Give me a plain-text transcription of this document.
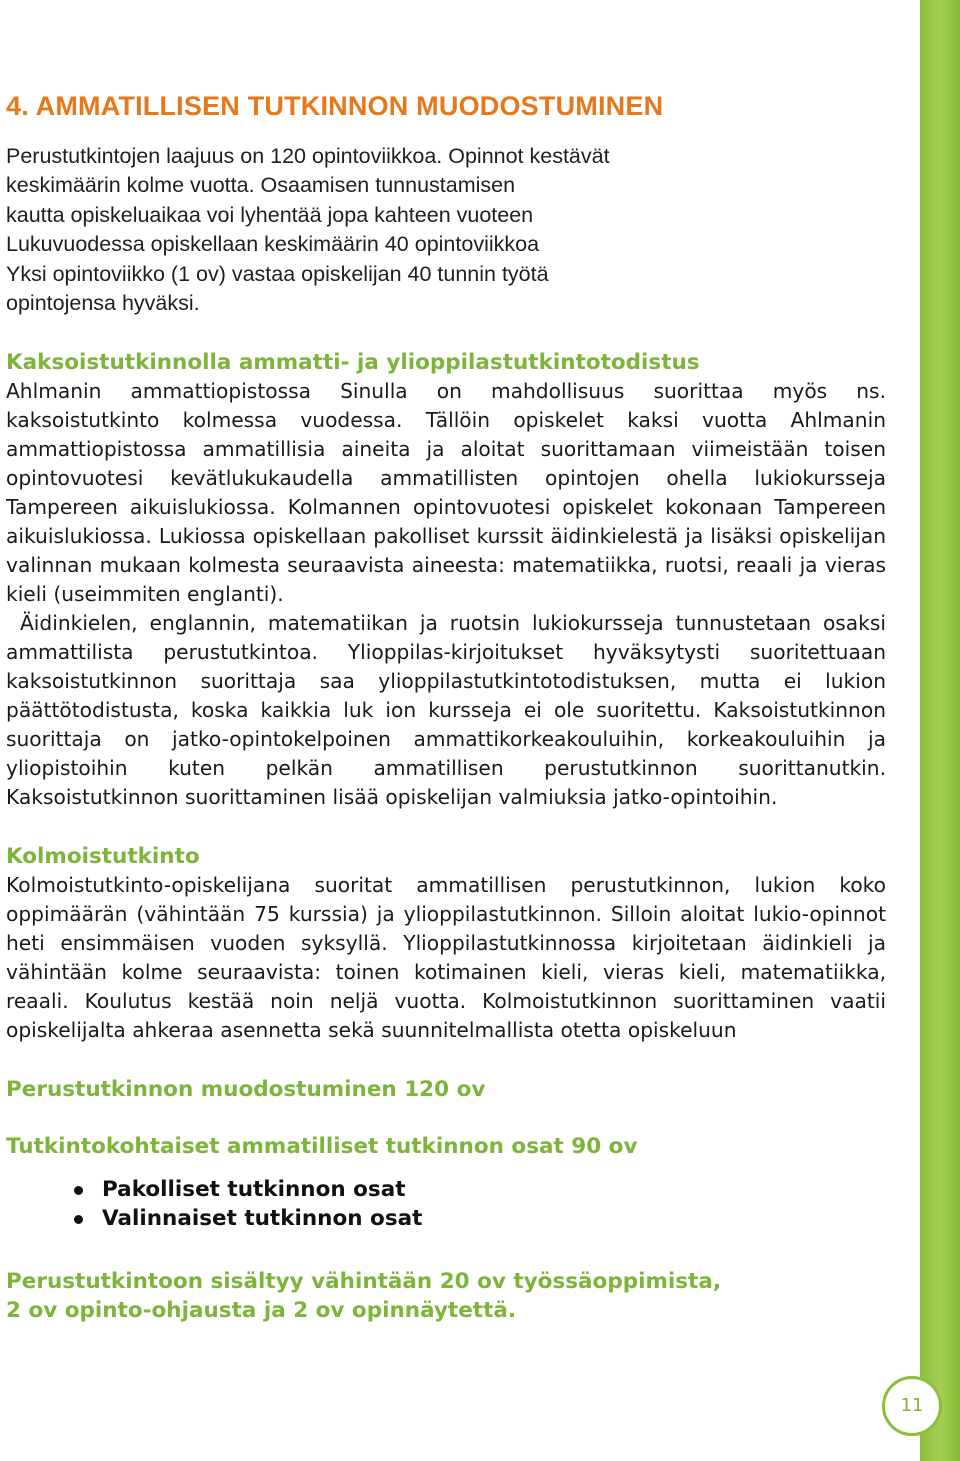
4. AMMATILLISEN TUTKINNON MUODOSTUMINEN

Perustutkintojen laajuus on 120 opintoviikkoa. Opinnot kestävät

keskimäärin kolme vuotta. Osaamisen tunnustamisen

kautta opiskeluaikaa voi lyhentää jopa kahteen vuoteen

Lukuvuodessa opiskellaan keskimäärin 40 opintoviikkoa

Yksi opintoviikko (1 ov) vastaa opiskelijan 40 tunnin työtä

opintojensa hyväksi.

Kaksoistutkinnolla ammatti- ja ylioppilastutkintotodistus

Ahlmanin ammattiopistossa Sinulla on mahdollisuus suorittaa myös ns. kaksoistutkinto kolmessa vuodessa. Tällöin opiskelet kaksi vuotta Ahlmanin ammattiopistossa ammatillisia aineita ja aloitat suorittamaan viimeistään toisen opintovuotesi kevätlukukaudella ammatillisten opintojen ohella lukiokursseja Tampereen aikuislukiossa. Kolmannen opintovuotesi opiskelet kokonaan Tampereen aikuislukiossa. Lukiossa opiskellaan pakolliset kurssit äidinkielestä ja lisäksi opiskelijan valinnan mukaan kolmesta seuraavista aineesta: matematiikka, ruotsi, reaali ja vieras kieli (useimmiten englanti).

Äidinkielen, englannin, matematiikan ja ruotsin lukiokursseja tunnustetaan osaksi ammattilista perustutkintoa. Ylioppilas-kirjoitukset hyväksytysti suoritettuaan kaksoistutkinnon suorittaja saa ylioppilastutkintotodistuksen, mutta ei lukion päättötodistusta, koska kaikkia luk ion kursseja ei ole suoritettu. Kaksoistutkinnon suorittaja on jatko-opintokelpoinen ammattikorkeakouluihin, korkeakouluihin ja yliopistoihin kuten pelkän ammatillisen perustutkinnon suorittanutkin. Kaksoistutkinnon suorittaminen lisää opiskelijan valmiuksia jatko-opintoihin.

Kolmoistutkinto

Kolmoistutkinto-opiskelijana suoritat ammatillisen perustutkinnon, lukion koko oppimäärän (vähintään 75 kurssia) ja ylioppilastutkinnon. Silloin aloitat lukio-opinnot heti ensimmäisen vuoden syksyllä. Ylioppilastutkinnossa kirjoitetaan äidinkieli ja vähintään kolme seuraavista: toinen kotimainen kieli, vieras kieli, matematiikka, reaali. Koulutus kestää noin neljä vuotta. Kolmoistutkinnon suorittaminen vaatii opiskelijalta ahkeraa asennetta sekä suunnitelmallista otetta opiskeluun

Perustutkinnon muodostuminen 120 ov
Tutkintokohtaiset ammatilliset tutkinnon osat 90 ov
Pakolliset tutkinnon osat
Valinnaiset tutkinnon osat
Perustutkintoon sisältyy vähintään 20 ov työssäoppimista,
2 ov opinto-ohjausta ja 2 ov opinnäytettä.
11
